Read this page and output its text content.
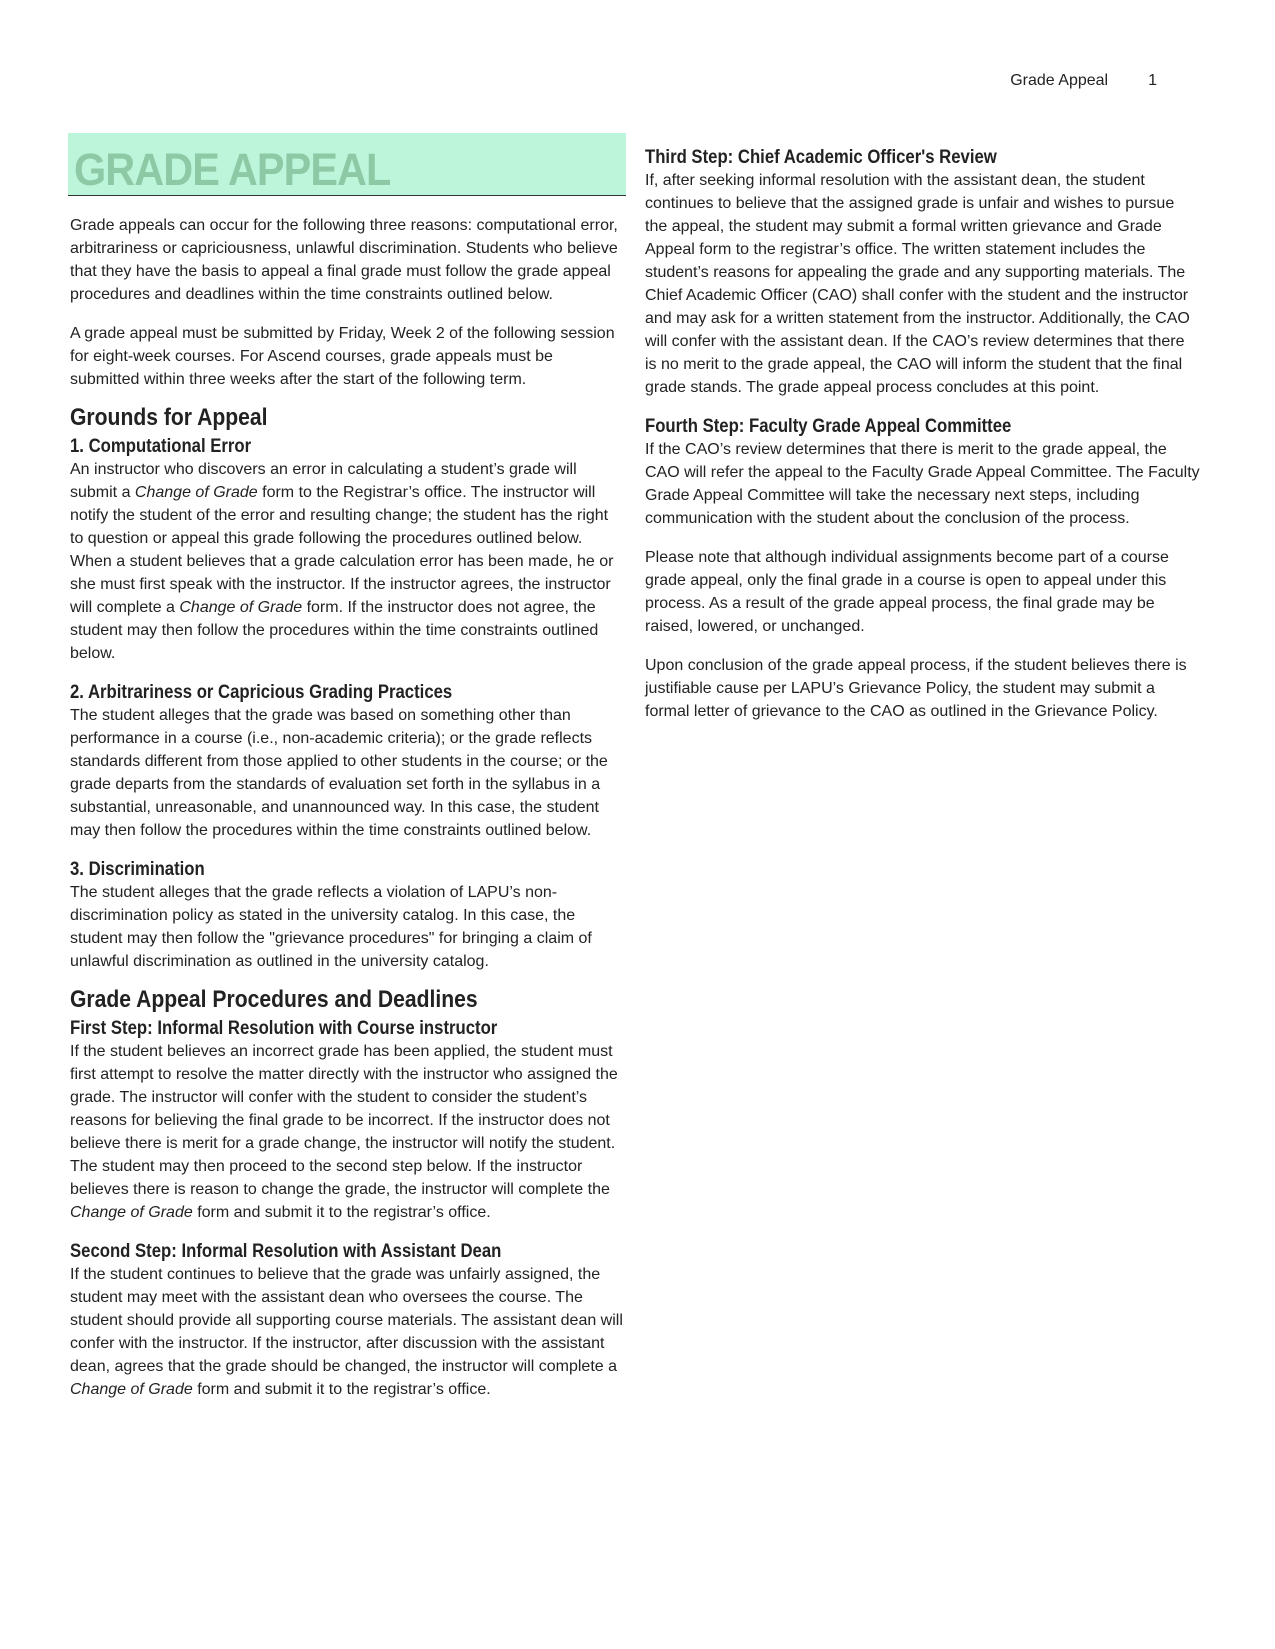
Grade Appeal	1
GRADE APPEAL

Grade appeals can occur for the following three reasons: computational error, arbitrariness or capriciousness, unlawful discrimination. Students who believe that they have the basis to appeal a final grade must follow the grade appeal procedures and deadlines within the time constraints outlined below.

A grade appeal must be submitted by Friday, Week 2 of the following session for eight-week courses. For Ascend courses, grade appeals must be submitted within three weeks after the start of the following term.

Grounds for Appeal
1. Computational Error

An instructor who discovers an error in calculating a student’s grade will submit a Change of Grade form to the Registrar’s office. The instructor will notify the student of the error and resulting change; the student has the right to question or appeal this grade following the procedures outlined below.

When a student believes that a grade calculation error has been made, he or she must first speak with the instructor. If the instructor agrees, the instructor will complete a Change of Grade form. If the instructor does not agree, the student may then follow the procedures within the time constraints outlined below.

2. Arbitrariness or Capricious Grading Practices

The student alleges that the grade was based on something other than performance in a course (i.e., non-academic criteria); or the grade reflects standards different from those applied to other students in the course; or the grade departs from the standards of evaluation set forth in the syllabus in a substantial, unreasonable, and unannounced way. In this case, the student may then follow the procedures within the time constraints outlined below.

3. Discrimination

The student alleges that the grade reflects a violation of LAPU’s non-discrimination policy as stated in the university catalog. In this case, the student may then follow the "grievance procedures" for bringing a claim of unlawful discrimination as outlined in the university catalog.

Grade Appeal Procedures and Deadlines
First Step: Informal Resolution with Course instructor

If the student believes an incorrect grade has been applied, the student must first attempt to resolve the matter directly with the instructor who assigned the grade. The instructor will confer with the student to consider the student’s reasons for believing the final grade to be incorrect. If the instructor does not believe there is merit for a grade change, the instructor will notify the student. The student may then proceed to the second step below. If the instructor believes there is reason to change the grade, the instructor will complete the Change of Grade form and submit it to the registrar’s office.

Second Step: Informal Resolution with Assistant Dean

If the student continues to believe that the grade was unfairly assigned, the student may meet with the assistant dean who oversees the course. The student should provide all supporting course materials. The assistant dean will confer with the instructor. If the instructor, after discussion with the assistant dean, agrees that the grade should be changed, the instructor will complete a Change of Grade form and submit it to the registrar’s office.

Third Step: Chief Academic Officer's Review

If, after seeking informal resolution with the assistant dean, the student continues to believe that the assigned grade is unfair and wishes to pursue the appeal, the student may submit a formal written grievance and Grade Appeal form to the registrar’s office. The written statement includes the student’s reasons for appealing the grade and any supporting materials. The Chief Academic Officer (CAO) shall confer with the student and the instructor and may ask for a written statement from the instructor. Additionally, the CAO will confer with the assistant dean. If the CAO’s review determines that there is no merit to the grade appeal, the CAO will inform the student that the final grade stands. The grade appeal process concludes at this point.

Fourth Step: Faculty Grade Appeal Committee

If the CAO’s review determines that there is merit to the grade appeal, the CAO will refer the appeal to the Faculty Grade Appeal Committee. The Faculty Grade Appeal Committee will take the necessary next steps, including communication with the student about the conclusion of the process.

Please note that although individual assignments become part of a course grade appeal, only the final grade in a course is open to appeal under this process. As a result of the grade appeal process, the final grade may be raised, lowered, or unchanged.

Upon conclusion of the grade appeal process, if the student believes there is justifiable cause per LAPU’s Grievance Policy, the student may submit a formal letter of grievance to the CAO as outlined in the Grievance Policy.
